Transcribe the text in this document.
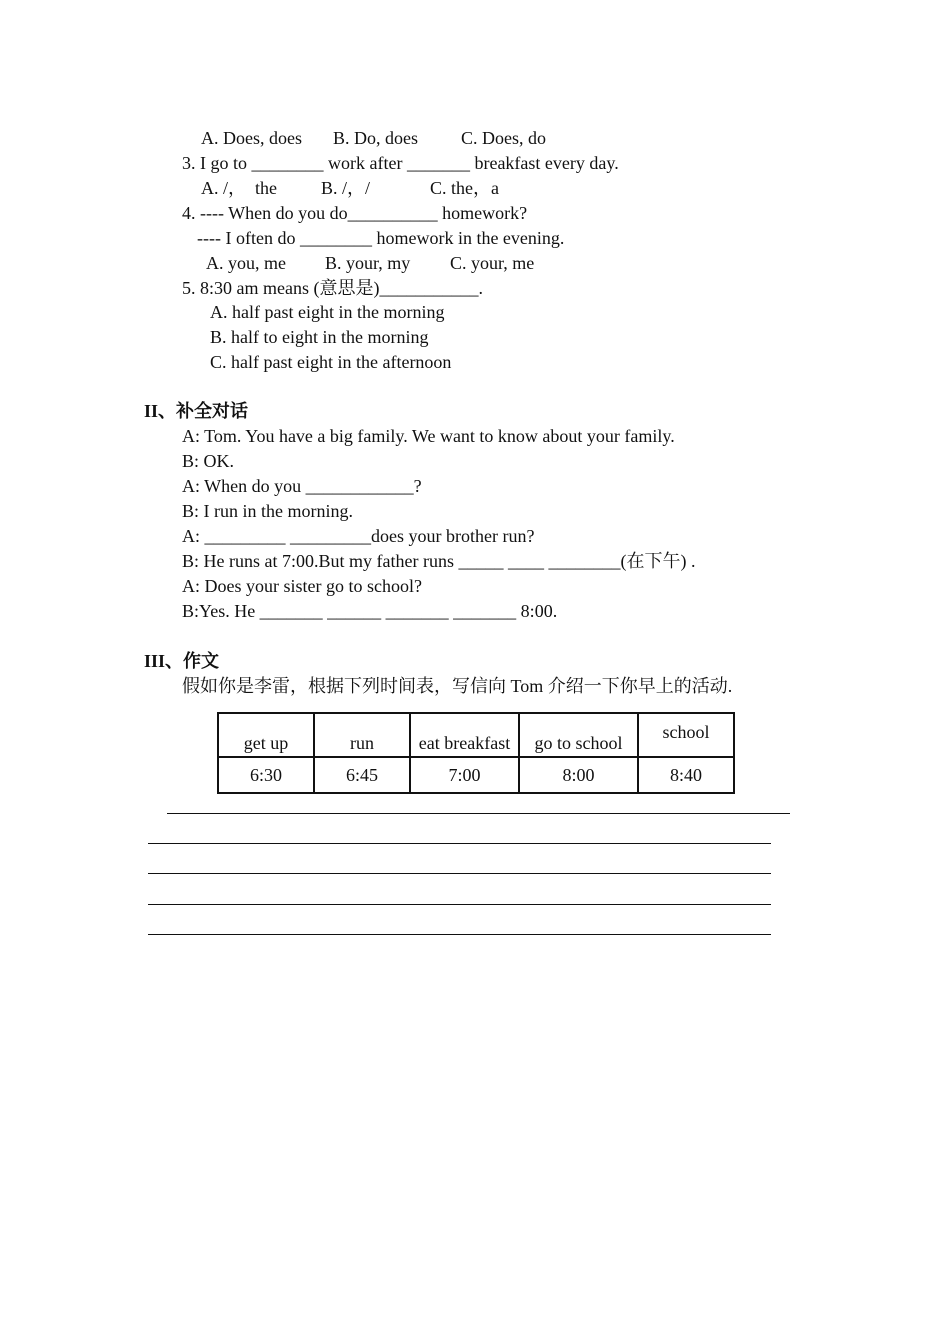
A. Does, does B. Do, does C. Does, do
3. I go to ________ work after _______ breakfast every day.
A. /，  the B. /，/	C. the，a
4. ---- When do you do__________ homework?
---- I often do ________ homework in the evening.
A. you, me B. your, my C. your, me
5. 8:30 am means (意思是)___________.
A. half past eight in the morning
B. half to eight in the morning
C. half past eight in the afternoon
II、补全对话
A: Tom. You have a big family. We want to know about your family.
B: OK.
A: When do you ____________?
B: I run in the morning.
A: _________ _________does your brother run?
B: He runs at 7:00.But my father runs _____ ____ ________(在下午) .
A: Does your sister go to school?
B:Yes. He _______ ______ _______ _______ 8:00.
III、作文
假如你是李雷，根据下列时间表，写信向 Tom 介绍一下你早上的活动.
get up	run	eat breakfast	go to school	school
6:30	6:45	7:00	8:00	8:40
